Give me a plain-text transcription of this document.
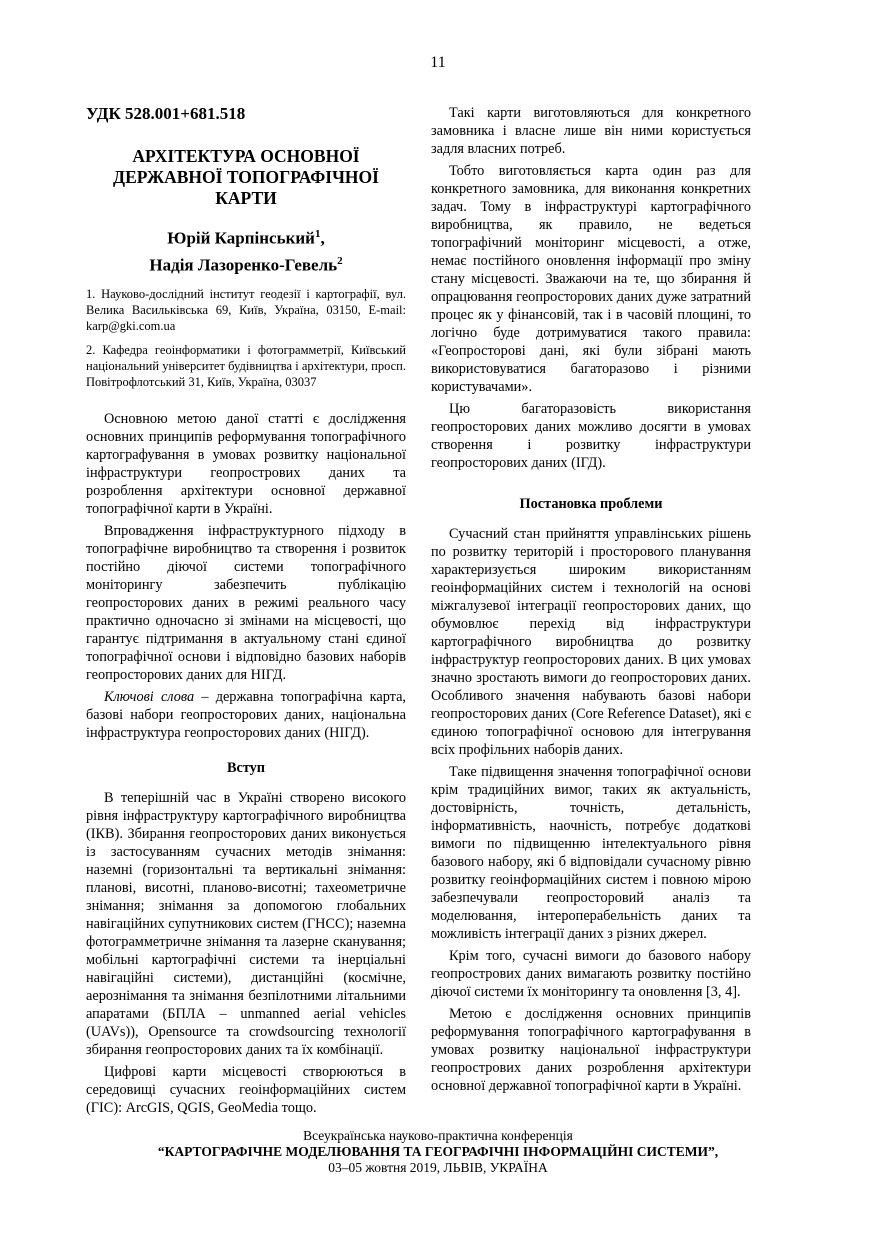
11
УДК 528.001+681.518
АРХІТЕКТУРА ОСНОВНОЇ
ДЕРЖАВНОЇ ТОПОГРАФІЧНОЇ
КАРТИ
Юрій Карпінський$^1$,
Надія Лазоренко-Гевель$^2$

1. Науково-дослідний інститут геодезії і картографії, вул. Велика Васильківська 69, Київ, Україна, 03150, E-mail: karp@gki.com.ua

2. Кафедра геоінформатики і фотограмметрії, Київський національний університет будівництва і архітектури, просп. Повітрофлотський 31, Київ, Україна, 03037

Основною метою даної статті є дослідження основних принципів реформування топографічного картографування в умовах розвитку національної інфраструктури геопрострових даних та розроблення архітектури основної державної топографічної карти в Україні.

Впровадження інфраструктурного підходу в топографічне виробництво та створення і розвиток постійно діючої системи топографічного моніторингу забезпечить публікацію геопросторових даних в режимі реального часу практично одночасно зі змінами на місцевості, що гарантує підтримання в актуальному стані єдиної топографічної основи і відповідно базових наборів геопросторових даних для НІГД.

Ключові слова – державна топографічна карта, базові набори геопросторових даних, національна інфраструктура геопросторових даних (НІГД).

Вступ

В теперішній час в Україні створено високого рівня інфраструктуру картографічного виробництва (ІКВ). Збирання геопросторових даних виконується із застосуванням сучасних методів знімання: наземні (горизонтальні та вертикальні знімання: планові, висотні, планово-висотні; тахеометричне знімання; знімання за допомогою глобальних навігаційних супутникових систем (ГНСС); наземна фотограмметричне знімання та лазерне сканування; мобільні картографічні системи та інерціальні навігаційні системи), дистанційні (космічне, аерознімання та знімання безпілотними літальними апаратами (БПЛА – unmanned aerial vehicles (UAVs)), Opensource та crowdsourcing технології збирання геопросторових даних та їх комбінації.

Цифрові карти місцевості створюються в середовищі сучасних геоінформаційних систем (ГІС): ArcGIS, QGIS, GeoMedia тощо.

Такі карти виготовляються для конкретного замовника і власне лише він ними користується задля власних потреб.

Тобто виготовляється карта один раз для конкретного замовника, для виконання конкретних задач. Тому в інфраструктурі картографічного виробництва, як правило, не ведеться топографічний моніторинг місцевості, а отже, немає постійного оновлення інформації про зміну стану місцевості. Зважаючи на те, що збирання й опрацювання геопросторових даних дуже затратний процес як у фінансовій, так і в часовій площині, то логічно буде дотримуватися такого правила: «Геопросторові дані, які були зібрані мають використовуватися багаторазово і різними користувачами».

Цю багаторазовість використання геопросторових даних можливо досягти в умовах створення і розвитку інфраструктури геопросторових даних (ІГД).

Постановка проблеми

Сучасний стан прийняття управлінських рішень по розвитку територій і просторового планування характеризується широким використанням геоінформаційних систем і технологій на основі міжгалузевої інтеграції геопросторових даних, що обумовлює перехід від інфраструктури картографічного виробництва до розвитку інфраструктур геопросторових даних. В цих умовах значно зростають вимоги до геопросторових даних. Особливого значення набувають базові набори геопросторових даних (Core Reference Dataset), які є єдиною топографічної основою для інтегрування всіх профільних наборів даних.

Таке підвищення значення топографічної основи крім традиційних вимог, таких як актуальність, достовірність, точність, детальність, інформативність, наочність, потребує додаткові вимоги по підвищенню інтелектуального рівня базового набору, які б відповідали сучасному рівню розвитку геоінформаційних систем і повною мірою забезпечували геопросторовий аналіз та моделювання, інтероперабельність даних та можливість інтеграції даних з різних джерел.

Крім того, сучасні вимоги до базового набору геопрострових даних вимагають розвитку постійно діючої системи їх моніторингу та оновлення [3, 4].

Метою є дослідження основних принципів реформування топографічного картографування в умовах розвитку національної інфраструктури геопрострових даних розроблення архітектури основної державної топографічної карти в Україні.

Всеукраїнська науково-практична конференція
“КАРТОГРАФІЧНЕ МОДЕЛЮВАННЯ ТА ГЕОГРАФІЧНІ ІНФОРМАЦІЙНІ СИСТЕМИ”,
03–05 жовтня 2019, ЛЬВІВ, УКРАЇНА
